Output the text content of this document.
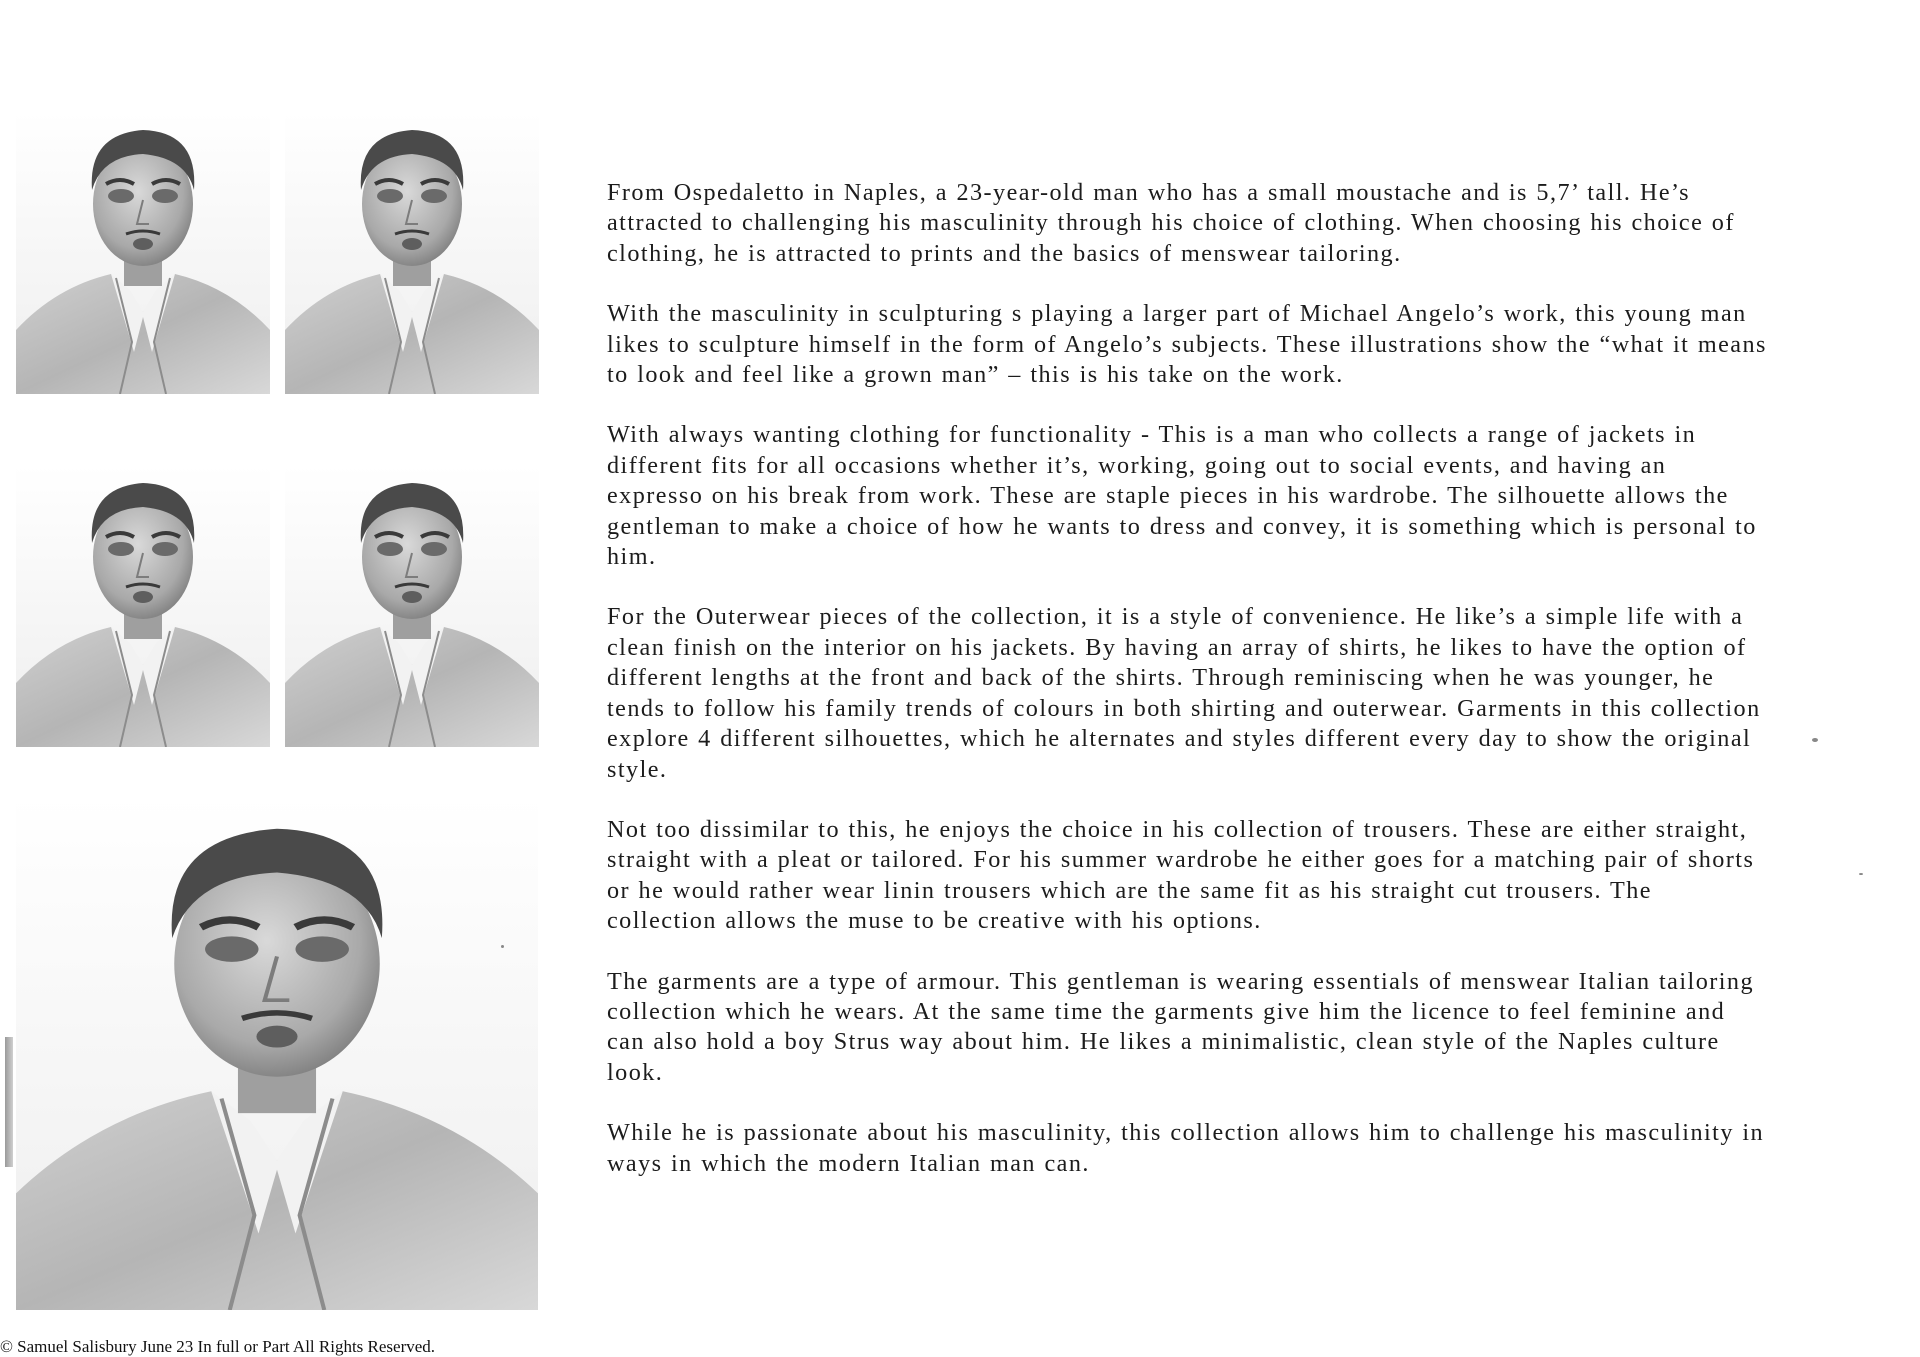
From Ospedaletto in Naples, a 23-year-old man who has a small moustache and is 5,7’ tall. He’s attracted to challenging his masculinity through his choice of clothing. When choosing his choice of clothing, he is attracted to prints and the basics of menswear tailoring.

With the masculinity in sculpturing s playing a larger part of Michael Angelo’s work, this young man likes to sculpture himself in the form of Angelo’s subjects. These illustrations show the “what it means to look and feel like a grown man” – this is his take on the work.

With always wanting clothing for functionality - This is a man who collects a range of jackets in different fits for all occasions whether it’s, working, going out to social events, and having an expresso on his break from work. These are staple pieces in his wardrobe. The silhouette allows the gentleman to make a choice of how he wants to dress and convey, it is something which is personal to him.

For the Outerwear pieces of the collection, it is a style of convenience. He like’s a simple life with a clean finish on the interior on his jackets. By having an array of shirts, he likes to have the option of different lengths at the front and back of the shirts. Through reminiscing when he was younger, he tends to follow his family trends of colours in both shirting and outerwear. Garments in this collection explore 4 different silhouettes, which he alternates and styles different every day to show the original style.

Not too dissimilar to this, he enjoys the choice in his collection of trousers. These are either straight, straight with a pleat or tailored. For his summer wardrobe he either goes for a matching pair of shorts or he would rather wear linin trousers which are the same fit as his straight cut trousers. The collection allows the muse to be creative with his options.

The garments are a type of armour. This gentleman is wearing essentials of menswear Italian tailoring collection which he wears. At the same time the garments give him the licence to feel feminine and can also hold a boy Strus way about him. He likes a minimalistic, clean style of the Naples culture look.

While he is passionate about his masculinity, this collection allows him to challenge his masculinity in ways in which the modern Italian man can.

© Samuel Salisbury June 23 In full or Part All Rights Reserved.
